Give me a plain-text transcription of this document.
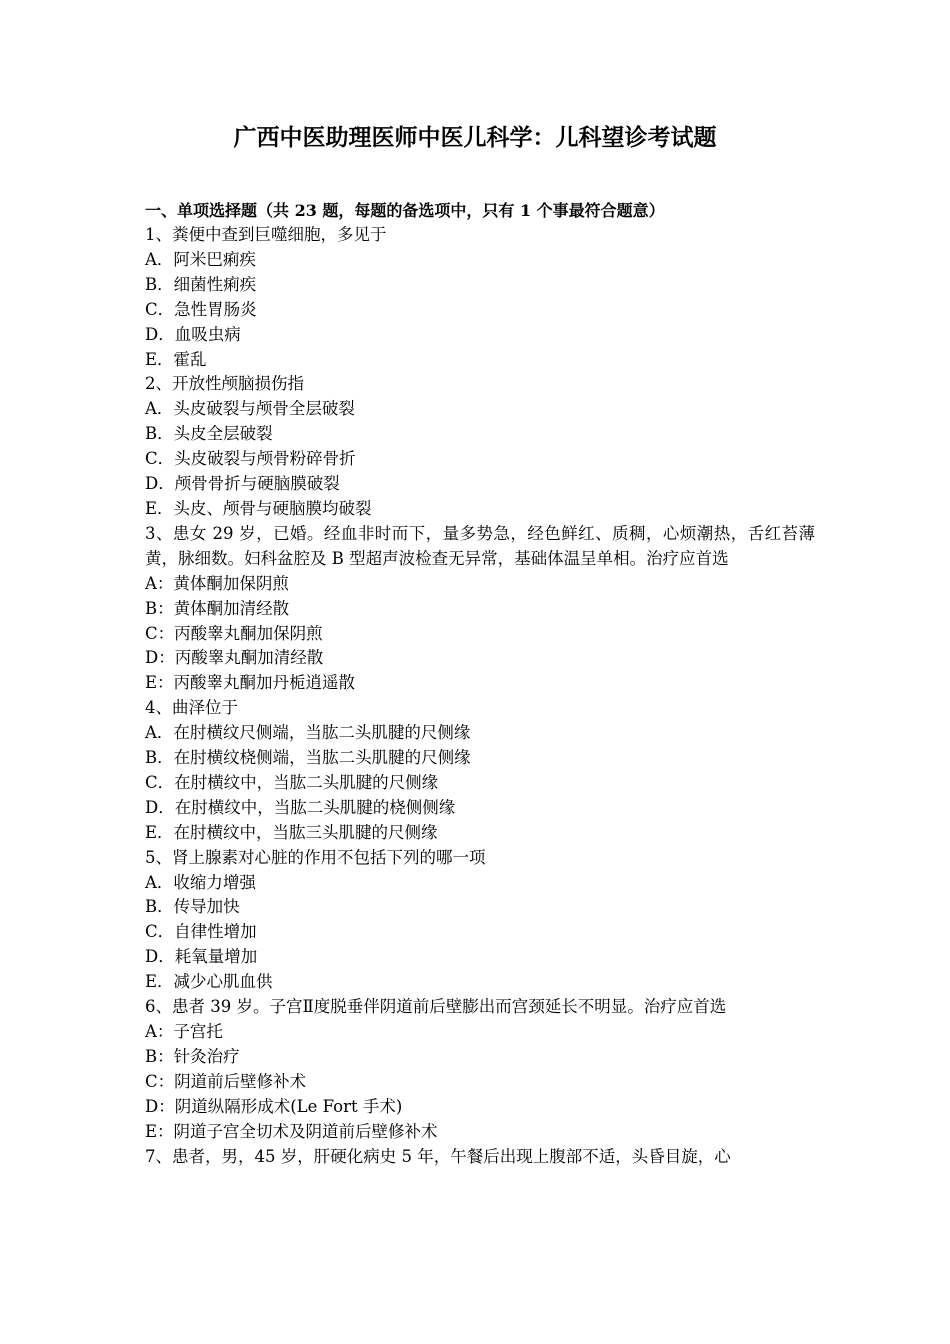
广西中医助理医师中医儿科学：儿科望诊考试题
一、单项选择题（共 23 题，每题的备选项中，只有 1 个事最符合题意）
1、粪便中查到巨噬细胞，多见于
A．阿米巴痢疾
B．细菌性痢疾
C．急性胃肠炎
D．血吸虫病
E．霍乱
2、开放性颅脑损伤指
A．头皮破裂与颅骨全层破裂
B．头皮全层破裂
C．头皮破裂与颅骨粉碎骨折
D．颅骨骨折与硬脑膜破裂
E．头皮、颅骨与硬脑膜均破裂
3、患女 29 岁，已婚。经血非时而下，量多势急，经色鲜红、质稠，心烦潮热，舌红苔薄黄，脉细数。妇科盆腔及 B 型超声波检查无异常，基础体温呈单相。治疗应首选
A：黄体酮加保阴煎
B：黄体酮加清经散
C：丙酸睾丸酮加保阴煎
D：丙酸睾丸酮加清经散
E：丙酸睾丸酮加丹栀逍遥散
4、曲泽位于
A．在肘横纹尺侧端，当肱二头肌腱的尺侧缘
B．在肘横纹桡侧端，当肱二头肌腱的尺侧缘
C．在肘横纹中，当肱二头肌腱的尺侧缘
D．在肘横纹中，当肱二头肌腱的桡侧侧缘
E．在肘横纹中，当肱三头肌腱的尺侧缘
5、肾上腺素对心脏的作用不包括下列的哪一项
A．收缩力增强
B．传导加快
C．自律性增加
D．耗氧量增加
E．减少心肌血供
6、患者 39 岁。子宫Ⅱ度脱垂伴阴道前后壁膨出而宫颈延长不明显。治疗应首选
A：子宫托
B：针灸治疗
C：阴道前后壁修补术
D：阴道纵隔形成术(Le Fort 手术)
E：阴道子宫全切术及阴道前后壁修补术
7、患者，男，45 岁，肝硬化病史 5 年，午餐后出现上腹部不适，头昏目旋，心
